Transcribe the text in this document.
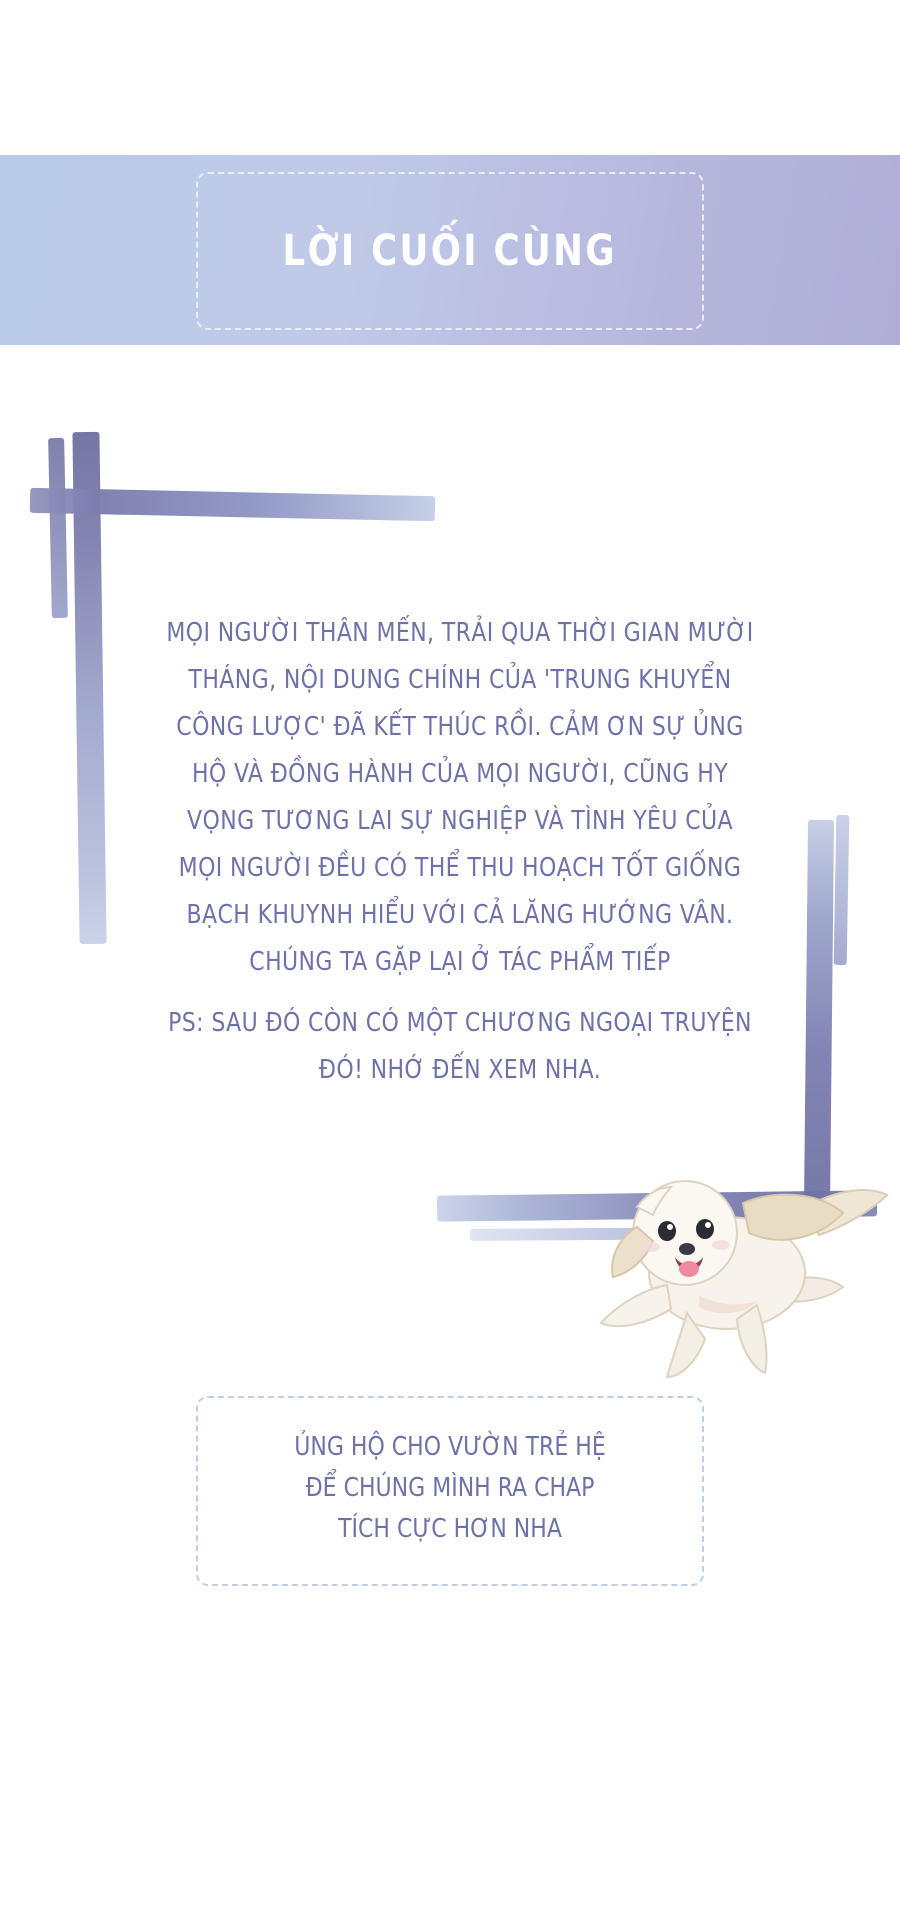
LỜI CUỐI CÙNG

MỌI NGƯỜI THÂN MẾN, TRẢI QUA THỜI GIAN MƯỜI THÁNG, NỘI DUNG CHÍNH CỦA 'TRUNG KHUYỂN CÔNG LƯỢC' ĐÃ KẾT THÚC RỒI. CẢM ƠN SỰ ỦNG HỘ VÀ ĐỒNG HÀNH CỦA MỌI NGƯỜI, CŨNG HY VỌNG TƯƠNG LAI SỰ NGHIỆP VÀ TÌNH YÊU CỦA MỌI NGƯỜI ĐỀU CÓ THỂ THU HOẠCH TỐT GIỐNG BẠCH KHUYNH HIỂU VỚI CẢ LĂNG HƯỚNG VÂN. CHÚNG TA GẶP LẠI Ở TÁC PHẨM TIẾP

PS: SAU ĐÓ CÒN CÓ MỘT CHƯƠNG NGOẠI TRUYỆN ĐÓ! NHỚ ĐẾN XEM NHA.

ỦNG HỘ CHO VƯỜN TRẺ HỆ

ĐỂ CHÚNG MÌNH RA CHAP

TÍCH CỰC HƠN NHA
